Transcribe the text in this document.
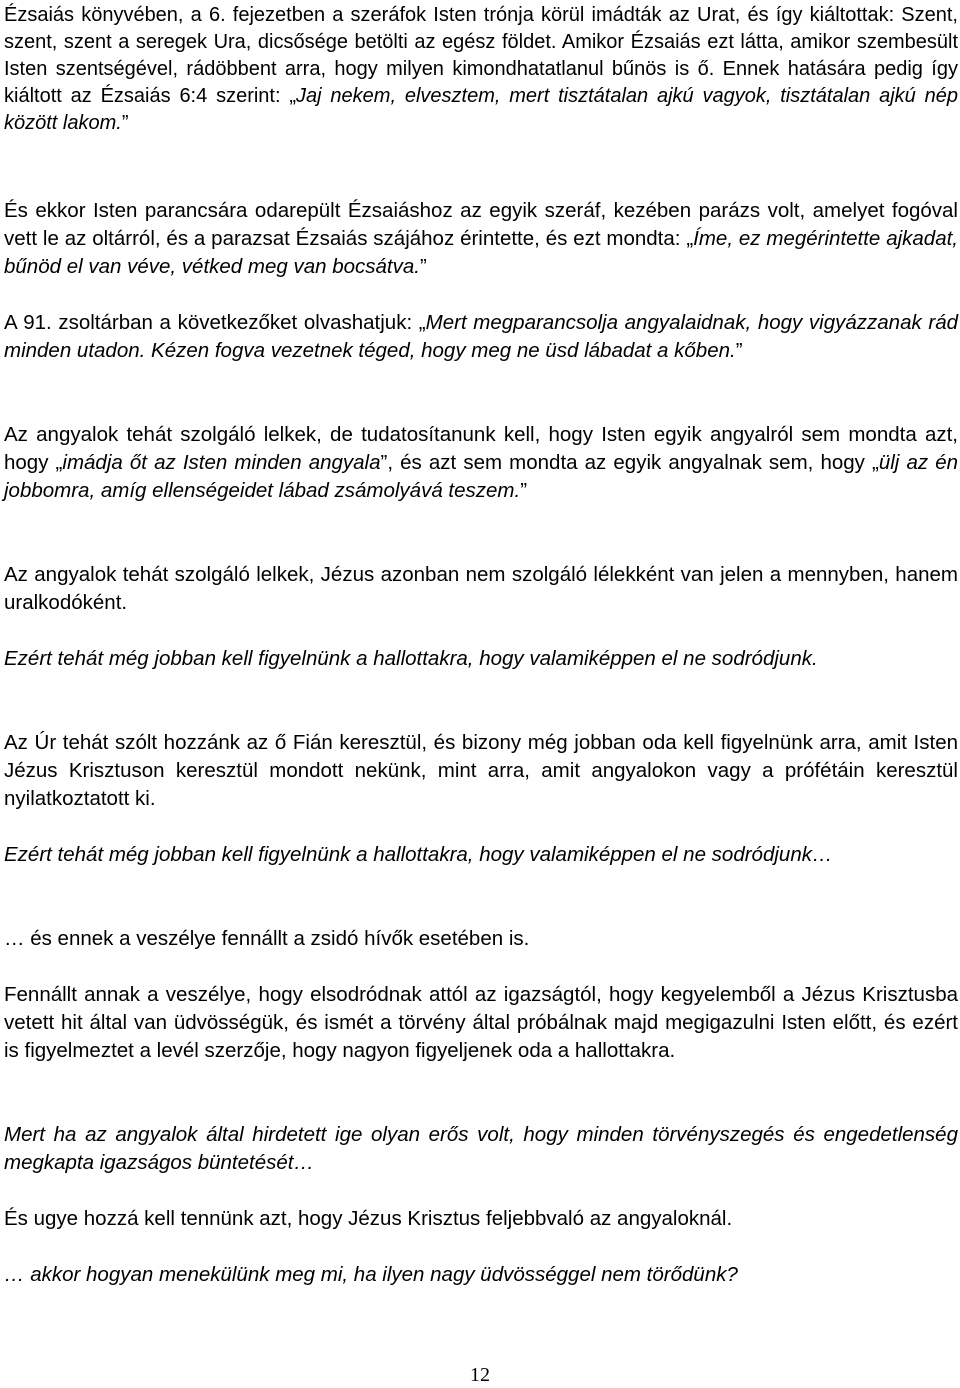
Ézsaiás könyvében, a 6. fejezetben a szeráfok Isten trónja körül imádták az Urat, és így kiáltottak: Szent, szent, szent a seregek Ura, dicsősége betölti az egész földet. Amikor Ézsaiás ezt látta, amikor szembesült Isten szentségével, rádöbbent arra, hogy milyen kimondhatatlanul bűnös is ő. Ennek hatására pedig így kiáltott az Ézsaiás 6:4 szerint: „Jaj nekem, elvesztem, mert tisztátalan ajkú vagyok, tisztátalan ajkú nép között lakom.”

És ekkor Isten parancsára odarepült Ézsaiáshoz az egyik szeráf, kezében parázs volt, amelyet fogóval vett le az oltárról, és a parazsat Ézsaiás szájához érintette, és ezt mondta: „Íme, ez megérintette ajkadat, bűnöd el van véve, vétked meg van bocsátva.”

A 91. zsoltárban a következőket olvashatjuk: „Mert megparancsolja angyalaidnak, hogy vigyázzanak rád minden utadon. Kézen fogva vezetnek téged, hogy meg ne üsd lábadat a kőben.”

Az angyalok tehát szolgáló lelkek, de tudatosítanunk kell, hogy Isten egyik angyalról sem mondta azt, hogy „imádja őt az Isten minden angyala”, és azt sem mondta az egyik angyalnak sem, hogy „ülj az én jobbomra, amíg ellenségeidet lábad zsámolyává teszem.”

Az angyalok tehát szolgáló lelkek, Jézus azonban nem szolgáló lélekként van jelen a mennyben, hanem uralkodóként.

Ezért tehát még jobban kell figyelnünk a hallottakra, hogy valamiképpen el ne sodródjunk.

Az Úr tehát szólt hozzánk az ő Fián keresztül, és bizony még jobban oda kell figyelnünk arra, amit Isten Jézus Krisztuson keresztül mondott nekünk, mint arra, amit angyalokon vagy a prófétáin keresztül nyilatkoztatott ki.

Ezért tehát még jobban kell figyelnünk a hallottakra, hogy valamiképpen el ne sodródjunk…

… és ennek a veszélye fennállt a zsidó hívők esetében is.

Fennállt annak a veszélye, hogy elsodródnak attól az igazságtól, hogy kegyelemből a Jézus Krisztusba vetett hit által van üdvösségük, és ismét a törvény által próbálnak majd megigazulni Isten előtt, és ezért is figyelmeztet a levél szerzője, hogy nagyon figyeljenek oda a hallottakra.

Mert ha az angyalok által hirdetett ige olyan erős volt, hogy minden törvényszegés és engedetlenség megkapta igazságos büntetését…

És ugye hozzá kell tennünk azt, hogy Jézus Krisztus feljebbvaló az angyaloknál.

… akkor hogyan menekülünk meg mi, ha ilyen nagy üdvösséggel nem törődünk?

12
